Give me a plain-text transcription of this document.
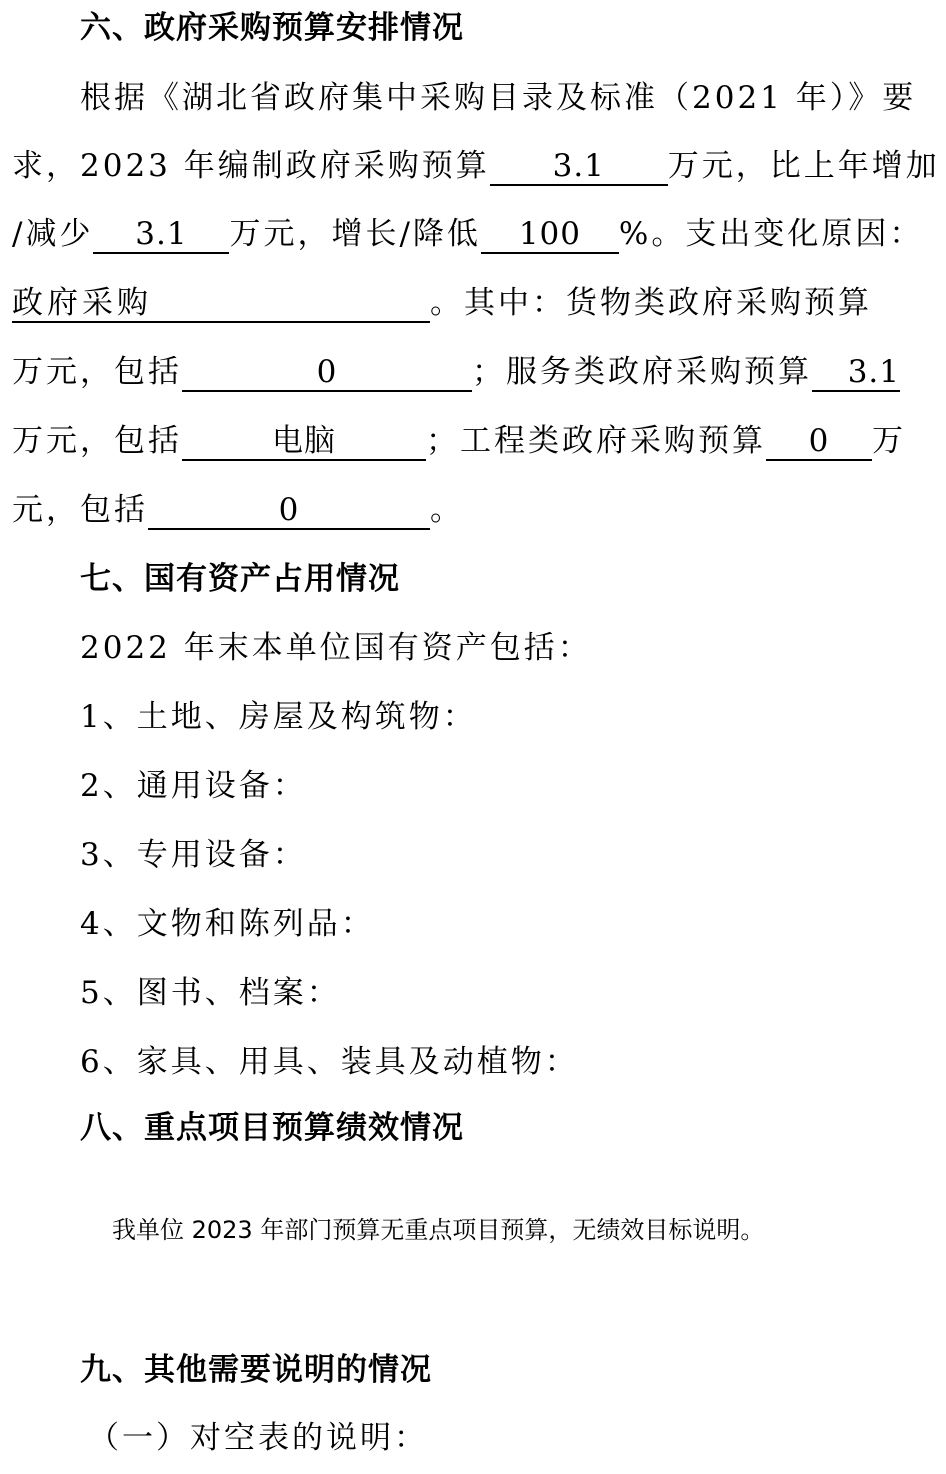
六、政府采购预算安排情况
根据《湖北省政府集中采购目录及标准（2021 年）》要
求，2023 年编制政府采购预算 3.1 万元，比上年增加
/减少 3.1 万元，增长/降低 100 %。支出变化原因：
政府采购	。其中：货物类政府采购预算
万元，包括	0	；服务类政府采购预算 3.1
万元，包括	电脑	；工程类政府采购预算 0 万
元，包括	0	。
七、国有资产占用情况
2022 年末本单位国有资产包括：
1、土地、房屋及构筑物：
2、通用设备：
3、专用设备：
4、文物和陈列品：
5、图书、档案：
6、家具、用具、装具及动植物：
八、重点项目预算绩效情况
我单位 2023 年部门预算无重点项目预算，无绩效目标说明。
九、其他需要说明的情况
（一）对空表的说明：
